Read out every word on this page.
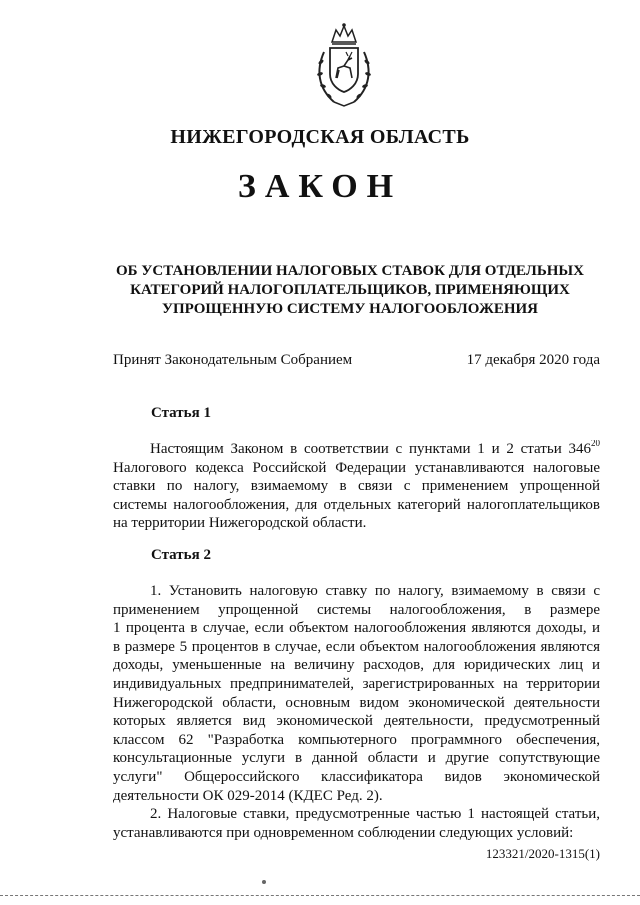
НИЖЕГОРОДСКАЯ ОБЛАСТЬ
ЗАКОН
ОБ УСТАНОВЛЕНИИ НАЛОГОВЫХ СТАВОК ДЛЯ ОТДЕЛЬНЫХ
КАТЕГОРИЙ НАЛОГОПЛАТЕЛЬЩИКОВ, ПРИМЕНЯЮЩИХ
УПРОЩЕННУЮ СИСТЕМУ НАЛОГООБЛОЖЕНИЯ
Принят Законодательным Собранием	17 декабря 2020 года
Статья 1
Настоящим Законом в соответствии с пунктами 1 и 2 статьи $346^{20}$
Налогового кодекса Российской Федерации устанавливаются налоговые
ставки по налогу, взимаемому в связи с применением упрощенной
системы налогообложения, для отдельных категорий налогоплательщиков
на территории Нижегородской области.
Статья 2
1. Установить налоговую ставку по налогу, взимаемому в связи с
применением упрощенной системы налогообложения, в размере
1 процента в случае, если объектом налогообложения являются доходы, и
в размере 5 процентов в случае, если объектом налогообложения являются
доходы, уменьшенные на величину расходов, для юридических лиц и
индивидуальных предпринимателей, зарегистрированных на территории
Нижегородской области, основным видом экономической деятельности
которых является вид экономической деятельности, предусмотренный
классом 62 "Разработка компьютерного программного обеспечения,
консультационные услуги в данной области и другие сопутствующие
услуги" Общероссийского классификатора видов экономической
деятельности ОК 029-2014 (КДЕС Ред. 2).
2. Налоговые ставки, предусмотренные частью 1 настоящей статьи,
устанавливаются при одновременном соблюдении следующих условий:
123321/2020-1315(1)
